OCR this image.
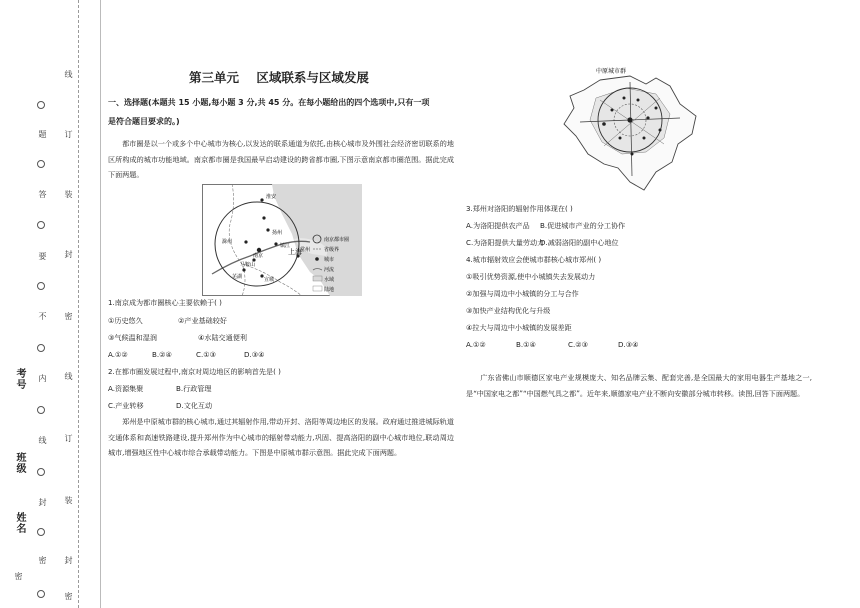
线
订
装
封
密
线
订
装
封
密
题
答
要
不
内
线
封
密
考号
班级
姓名
密
第三单元    区域联系与区域发展
一、选择题(本题共 15 小题,每小题 3 分,共 45 分。在每小题给出的四个选项中,只有一项
是符合题目要求的。)
都市圈是以一个或多个中心城市为核心,以发达的联系通道为依托,由核心城市及外围社会经济密切联系的地区所构成的城市功能地域。南京都市圈是我国最早启动建设的跨省都市圈,下图示意南京都市圈范围。据此完成下面两题。
滁州
南京
扬州
镇江
马鞍山
芜湖	宣城
淮安
常州
上海
南京都市圈
省级界
城市
河流
水域
陆地
1.南京成为都市圈核心主要依赖于( )
①历史悠久	②产业基础较好
③气候温和湿润	④水陆交通便利
A.①②	B.②④	C.①③	D.③④
2.在都市圈发展过程中,南京对周边地区的影响首先是( )
A.资源集聚	B.行政管理
C.产业转移	D.文化互动
郑州是中原城市群的核心城市,通过其辐射作用,带动开封、洛阳等周边地区的发展。政府通过推进城际轨道交通体系和高速铁路建设,提升郑州作为中心城市的辐射带动能力,巩固、提高洛阳的副中心城市地位,联动周边城市,增强地区性中心城市综合承载带动能力。下图是中原城市群示意图。据此完成下面两题。
中原城市群
3.郑州对洛阳的辐射作用体现在( )
A.为洛阳提供农产品 B.促进城市产业的分工协作
C.为洛阳提供大量劳动力D.减弱洛阳的副中心地位
4.城市辐射效应会使城市群核心城市郑州( )
①吸引优势资源,使中小城镇失去发展动力
②加强与周边中小城镇的分工与合作
③加快产业结构优化与升级
④拉大与周边中小城镇的发展差距
A.①②	B.①④	C.②③	D.③④
广东省佛山市顺德区家电产业规模庞大、知名品牌云集、配套完善,是全国最大的家用电器生产基地之一,是“中国家电之都”“中国燃气具之都”。近年来,顺德家电产业不断向安徽部分城市转移。读图,回答下面两题。
